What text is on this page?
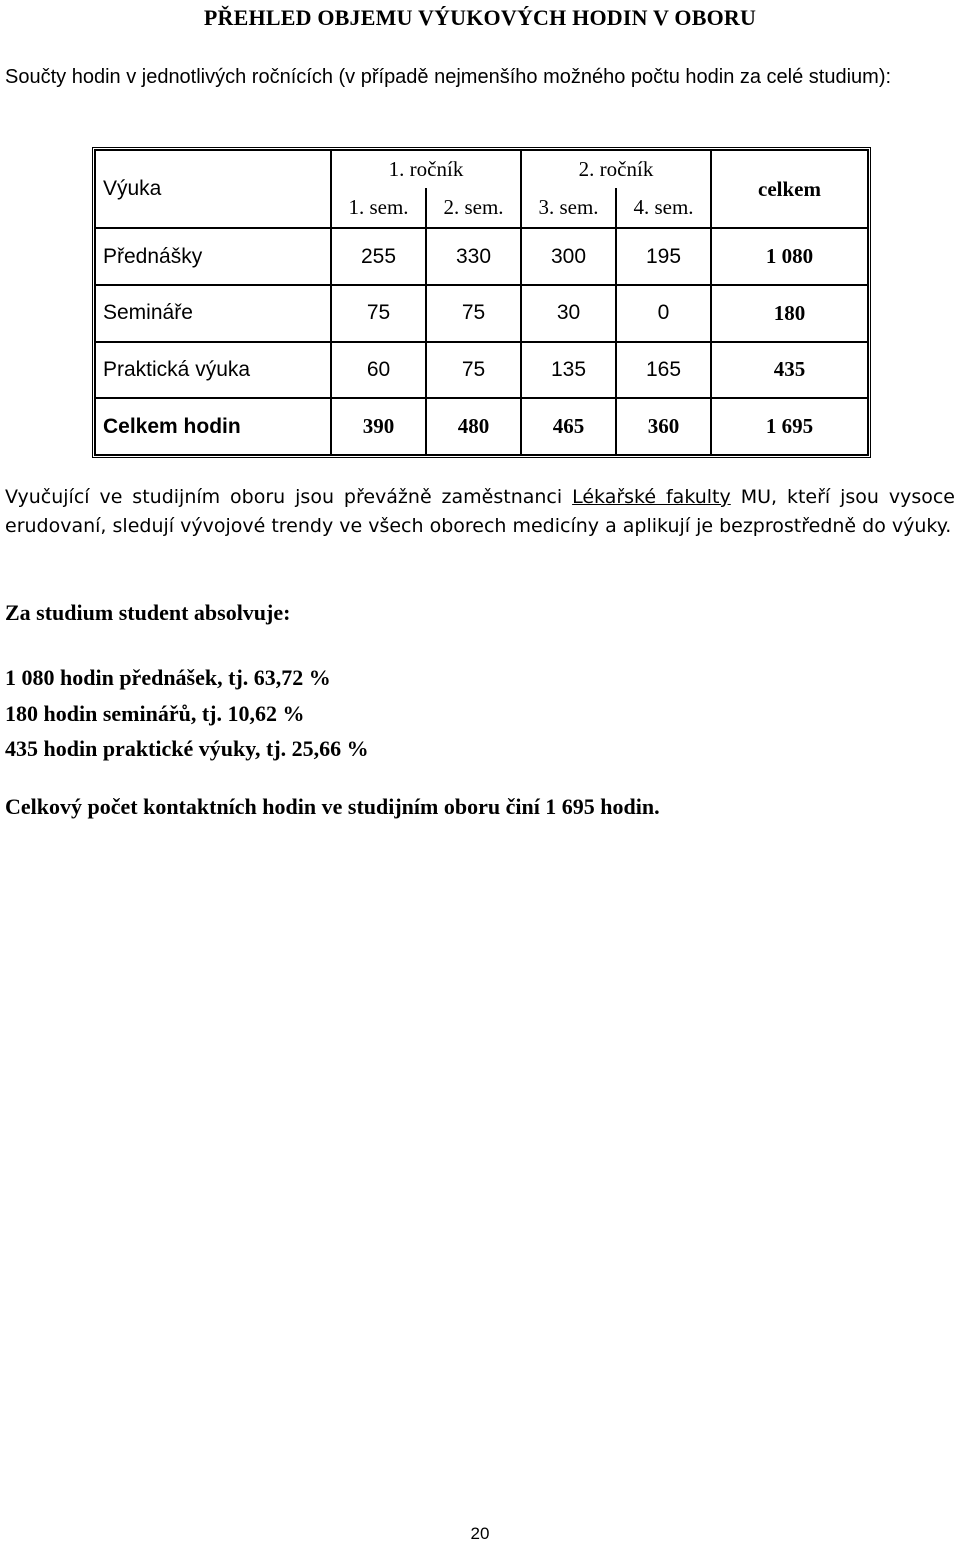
PŘEHLED OBJEMU VÝUKOVÝCH HODIN V OBORU
Součty hodin v jednotlivých ročnících (v případě nejmenšího možného počtu hodin za celé studium):
Výuka	1. ročník		2. ročník		celkem
	1. sem.	2. sem.	3. sem.	4. sem.	
Přednášky	255	330	300	195	1 080
Semináře	75	75	30	0	180
Praktická výuka	60	75	135	165	435
Celkem hodin	390	480	465	360	1 695
Vyučující ve studijním oboru jsou převážně zaměstnanci Lékařské fakulty MU, kteří jsou vysoce erudovaní, sledují vývojové trendy ve všech oborech medicíny a aplikují je bezprostředně do výuky.
Za studium student absolvuje:
1 080 hodin přednášek, tj. 63,72 %
180 hodin seminářů, tj. 10,62 %
435 hodin praktické výuky, tj. 25,66 %
Celkový počet kontaktních hodin ve studijním oboru činí 1 695 hodin.
20
